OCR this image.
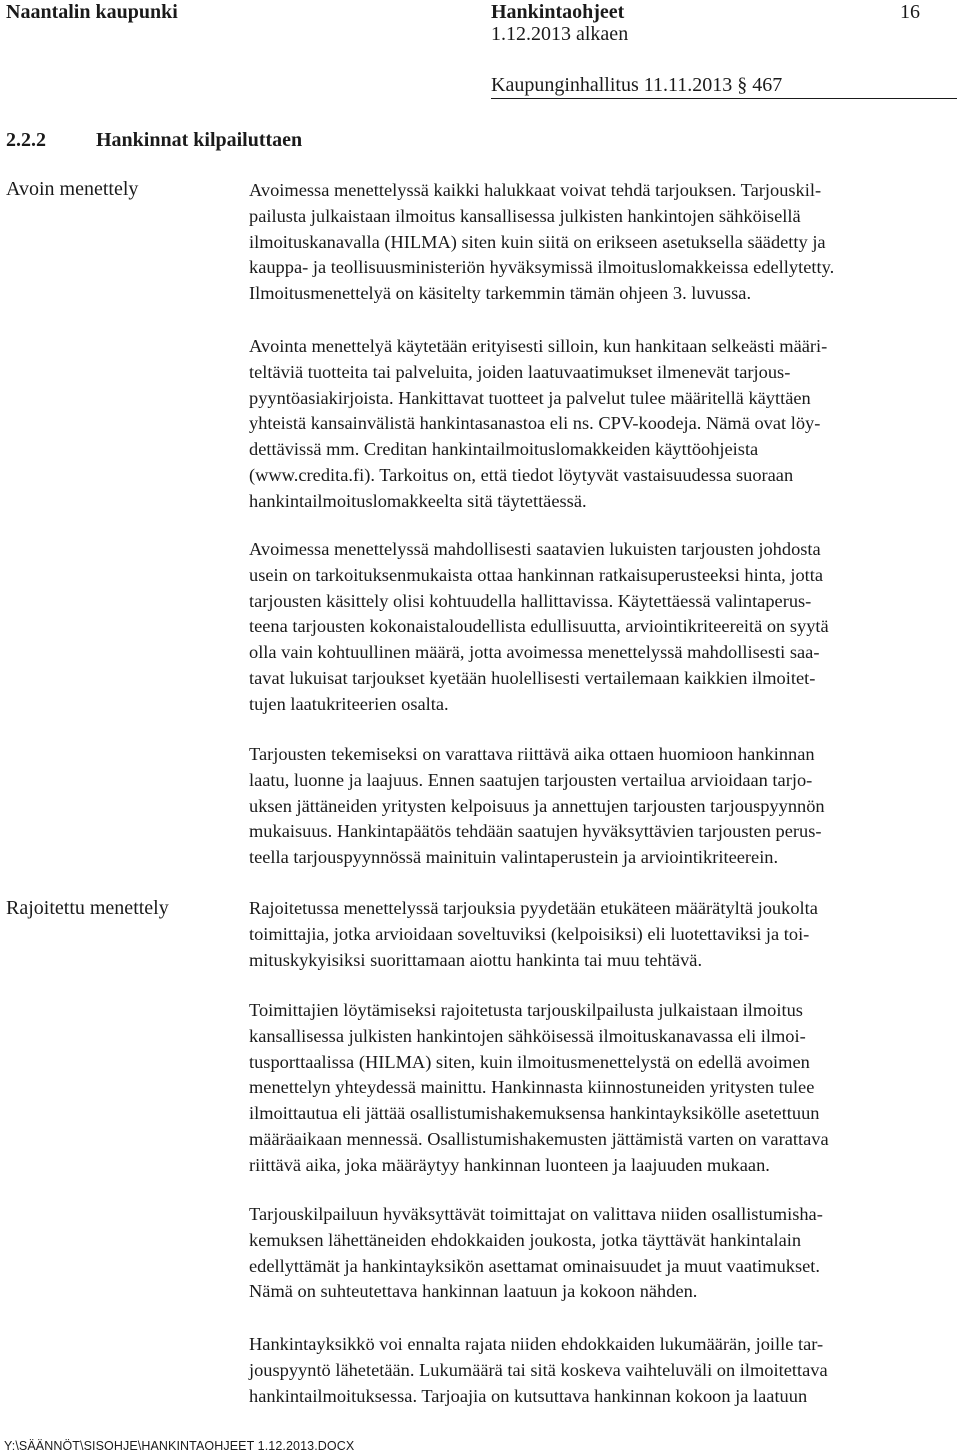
Naantalin kaupunki	Hankintaohjeet	16
1.12.2013 alkaen
Kaupunginhallitus 11.11.2013 § 467
2.2.2	Hankinnat kilpailuttaen
Avoin menettely	Avoimessa menettelyssä kaikki halukkaat voivat tehdä tarjouksen. Tarjouskil-
pailusta julkaistaan ilmoitus kansallisessa julkisten hankintojen sähköisellä
ilmoituskanavalla (HILMA) siten kuin siitä on erikseen asetuksella säädetty ja
kauppa- ja teollisuusministeriön hyväksymissä ilmoituslomakkeissa edellytetty.
Ilmoitusmenettelyä on käsitelty tarkemmin tämän ohjeen 3. luvussa.

Avointa menettelyä käytetään erityisesti silloin, kun hankitaan selkeästi määri-
teltäviä tuotteita tai palveluita, joiden laatuvaatimukset ilmenevät tarjous-
pyyntöasiakirjoista. Hankittavat tuotteet ja palvelut tulee määritellä käyttäen
yhteistä kansainvälistä hankintasanastoa eli ns. CPV-koodeja. Nämä ovat löy-
dettävissä mm. Creditan hankintailmoituslomakkeiden käyttöohjeista
(www.credita.fi). Tarkoitus on, että tiedot löytyvät vastaisuudessa suoraan
hankintailmoituslomakkeelta sitä täytettäessä.

Avoimessa menettelyssä mahdollisesti saatavien lukuisten tarjousten johdosta
usein on tarkoituksenmukaista ottaa hankinnan ratkaisuperusteeksi hinta, jotta
tarjousten käsittely olisi kohtuudella hallittavissa. Käytettäessä valintaperus-
teena tarjousten kokonaistaloudellista edullisuutta, arviointikriteereitä on syytä
olla vain kohtuullinen määrä, jotta avoimessa menettelyssä mahdollisesti saa-
tavat lukuisat tarjoukset kyetään huolellisesti vertailemaan kaikkien ilmoitet-
tujen laatukriteerien osalta.

Tarjousten tekemiseksi on varattava riittävä aika ottaen huomioon hankinnan
laatu, luonne ja laajuus. Ennen saatujen tarjousten vertailua arvioidaan tarjo-
uksen jättäneiden yritysten kelpoisuus ja annettujen tarjousten tarjouspyynnön
mukaisuus. Hankintapäätös tehdään saatujen hyväksyttävien tarjousten perus-
teella tarjouspyynnössä mainituin valintaperustein ja arviointikriteerein.

Rajoitettu menettely	Rajoitetussa menettelyssä tarjouksia pyydetään etukäteen määrätyltä joukolta
toimittajia, jotka arvioidaan soveltuviksi (kelpoisiksi) eli luotettaviksi ja toi-
mituskykyisiksi suorittamaan aiottu hankinta tai muu tehtävä.

Toimittajien löytämiseksi rajoitetusta tarjouskilpailusta julkaistaan ilmoitus
kansallisessa julkisten hankintojen sähköisessä ilmoituskanavassa eli ilmoi-
tusporttaalissa (HILMA) siten, kuin ilmoitusmenettelystä on edellä avoimen
menettelyn yhteydessä mainittu. Hankinnasta kiinnostuneiden yritysten tulee
ilmoittautua eli jättää osallistumishakemuksensa hankintayksikölle asetettuun
määräaikaan mennessä. Osallistumishakemusten jättämistä varten on varattava
riittävä aika, joka määräytyy hankinnan luonteen ja laajuuden mukaan.

Tarjouskilpailuun hyväksyttävät toimittajat on valittava niiden osallistumisha-
kemuksen lähettäneiden ehdokkaiden joukosta, jotka täyttävät hankintalain
edellyttämät ja hankintayksikön asettamat ominaisuudet ja muut vaatimukset.
Nämä on suhteutettava hankinnan laatuun ja kokoon nähden.

Hankintayksikkö voi ennalta rajata niiden ehdokkaiden lukumäärän, joille tar-
jouspyyntö lähetetään. Lukumäärä tai sitä koskeva vaihteluväli on ilmoitettava
hankintailmoituksessa. Tarjoajia on kutsuttava hankinnan kokoon ja laatuun

Y:\SÄÄNNÖT\SISOHJE\HANKINTAOHJEET 1.12.2013.DOCX
